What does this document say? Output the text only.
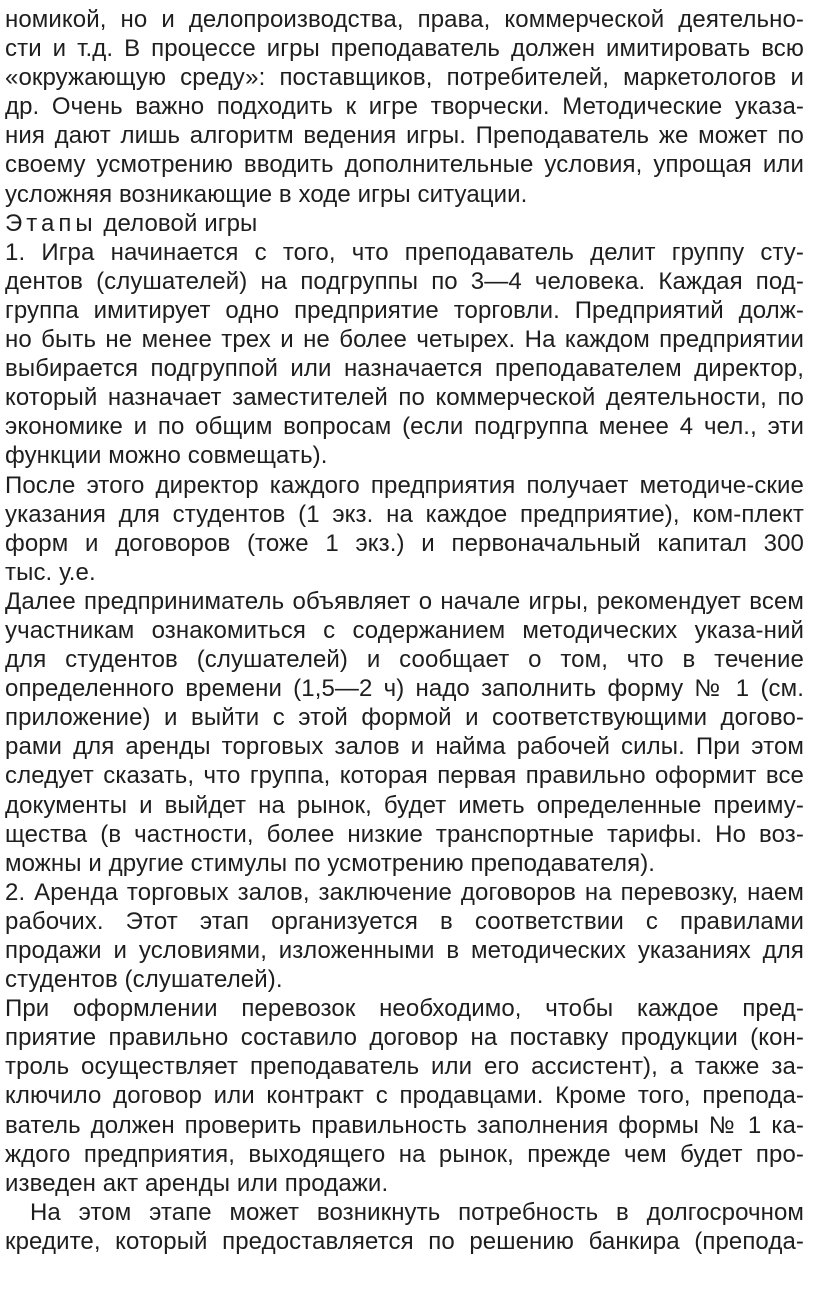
номикой, но и делопроизводства, права, коммерческой деятельно-
сти и т.д. В процессе игры преподаватель должен имитировать всю
«окружающую среду»: поставщиков, потребителей, маркетологов и
др. Очень важно подходить к игре творчески. Методические указа-
ния дают лишь алгоритм ведения игры. Преподаватель же может по
своему усмотрению вводить дополнительные условия, упрощая или
усложняя возникающие в ходе игры ситуации.
Этапы деловой игры
1. Игра начинается с того, что преподаватель делит группу сту-
дентов (слушателей) на подгруппы по 3—4 человека. Каждая под-
группа имитирует одно предприятие торговли. Предприятий долж-
но быть не менее трех и не более четырех. На каждом предприятии
выбирается подгруппой или назначается преподавателем директор,
который назначает заместителей по коммерческой деятельности, по
экономике и по общим вопросам (если подгруппа менее 4 чел., эти
функции можно совмещать).
После этого директор каждого предприятия получает методиче-ские
указания для студентов (1 экз. на каждое предприятие), ком-плект
форм и договоров (тоже 1 экз.) и первоначальный капитал 300
тыс. у.е.
Далее предприниматель объявляет о начале игры, рекомендует всем
участникам ознакомиться с содержанием методических указа-ний
для студентов (слушателей) и сообщает о том, что в течение
определенного времени (1,5—2 ч) надо заполнить форму № 1 (см.
приложение) и выйти с этой формой и соответствующими догово-
рами для аренды торговых залов и найма рабочей силы. При этом
следует сказать, что группа, которая первая правильно оформит все
документы и выйдет на рынок, будет иметь определенные преиму-
щества (в частности, более низкие транспортные тарифы. Но воз-
можны и другие стимулы по усмотрению преподавателя).
2. Аренда торговых залов, заключение договоров на перевозку, наем
рабочих. Этот этап организуется в соответствии с правилами
продажи и условиями, изложенными в методических указаниях для
студентов (слушателей).
При оформлении перевозок необходимо, чтобы каждое пред-
приятие правильно составило договор на поставку продукции (кон-
троль осуществляет преподаватель или его ассистент), а также за-
ключило договор или контракт с продавцами. Кроме того, препода-
ватель должен проверить правильность заполнения формы № 1 ка-
ждого предприятия, выходящего на рынок, прежде чем будет про-
изведен акт аренды или продажи.
На этом этапе может возникнуть потребность в долгосрочном
кредите, который предоставляется по решению банкира (препода-
